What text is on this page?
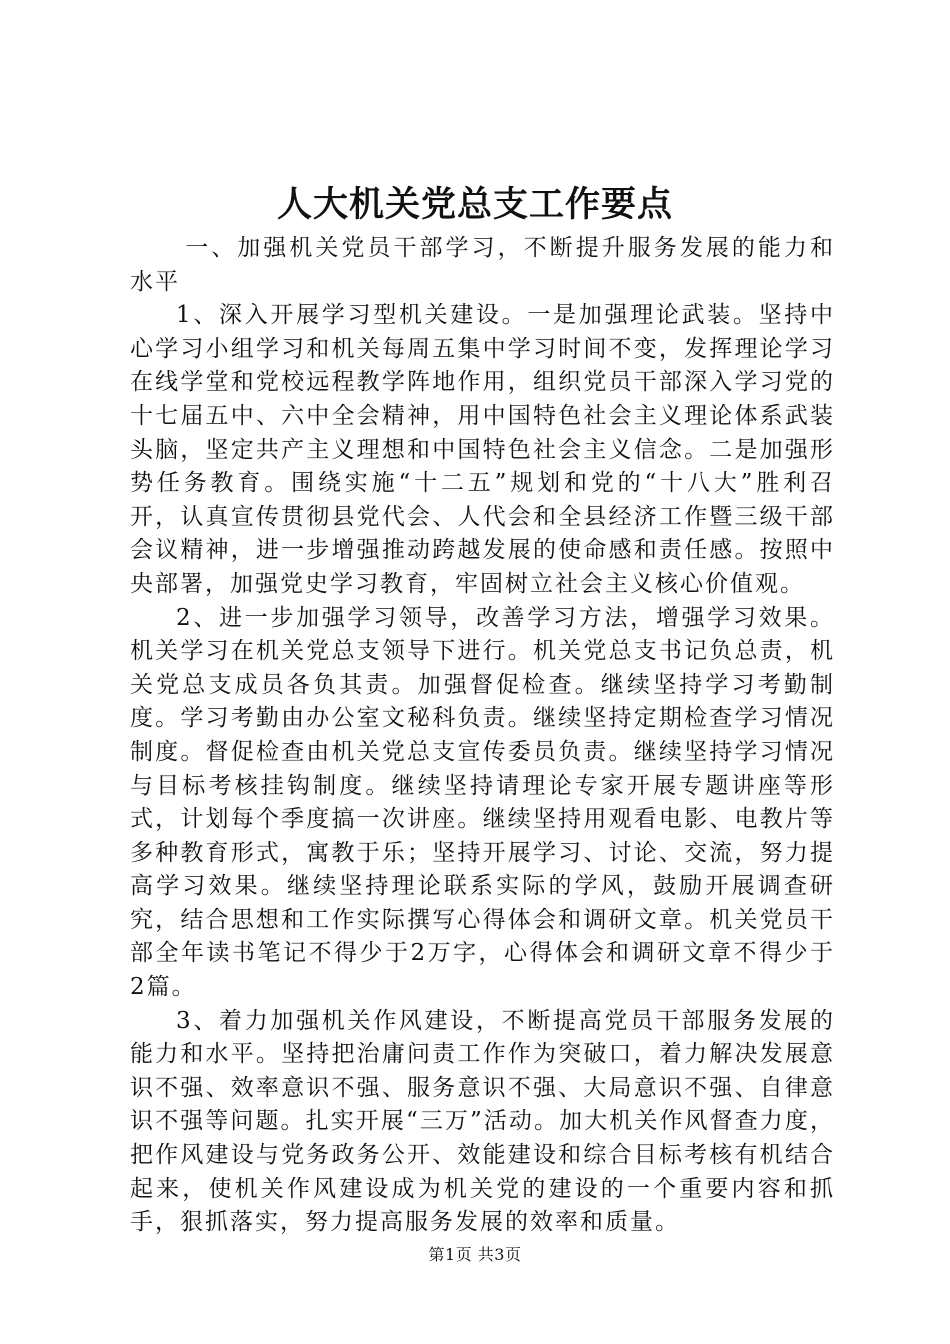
人大机关党总支工作要点

一、加强机关党员干部学习，不断提升服务发展的能力和水平

1、深入开展学习型机关建设。一是加强理论武装。坚持中心学习小组学习和机关每周五集中学习时间不变，发挥理论学习在线学堂和党校远程教学阵地作用，组织党员干部深入学习党的十七届五中、六中全会精神，用中国特色社会主义理论体系武装头脑，坚定共产主义理想和中国特色社会主义信念。二是加强形势任务教育。围绕实施“十二五”规划和党的“十八大”胜利召开，认真宣传贯彻县党代会、人代会和全县经济工作暨三级干部会议精神，进一步增强推动跨越发展的使命感和责任感。按照中央部署，加强党史学习教育，牢固树立社会主义核心价值观。

2、进一步加强学习领导，改善学习方法，增强学习效果。机关学习在机关党总支领导下进行。机关党总支书记负总责，机关党总支成员各负其责。加强督促检查。继续坚持学习考勤制度。学习考勤由办公室文秘科负责。继续坚持定期检查学习情况制度。督促检查由机关党总支宣传委员负责。继续坚持学习情况与目标考核挂钩制度。继续坚持请理论专家开展专题讲座等形式，计划每个季度搞一次讲座。继续坚持用观看电影、电教片等多种教育形式，寓教于乐；坚持开展学习、讨论、交流，努力提高学习效果。继续坚持理论联系实际的学风，鼓励开展调查研究，结合思想和工作实际撰写心得体会和调研文章。机关党员干部全年读书笔记不得少于2万字，心得体会和调研文章不得少于2篇。

3、着力加强机关作风建设，不断提高党员干部服务发展的能力和水平。坚持把治庸问责工作作为突破口，着力解决发展意识不强、效率意识不强、服务意识不强、大局意识不强、自律意识不强等问题。扎实开展“三万”活动。加大机关作风督查力度，把作风建设与党务政务公开、效能建设和综合目标考核有机结合起来，使机关作风建设成为机关党的建设的一个重要内容和抓手，狠抓落实，努力提高服务发展的效率和质量。

第1页 共3页
